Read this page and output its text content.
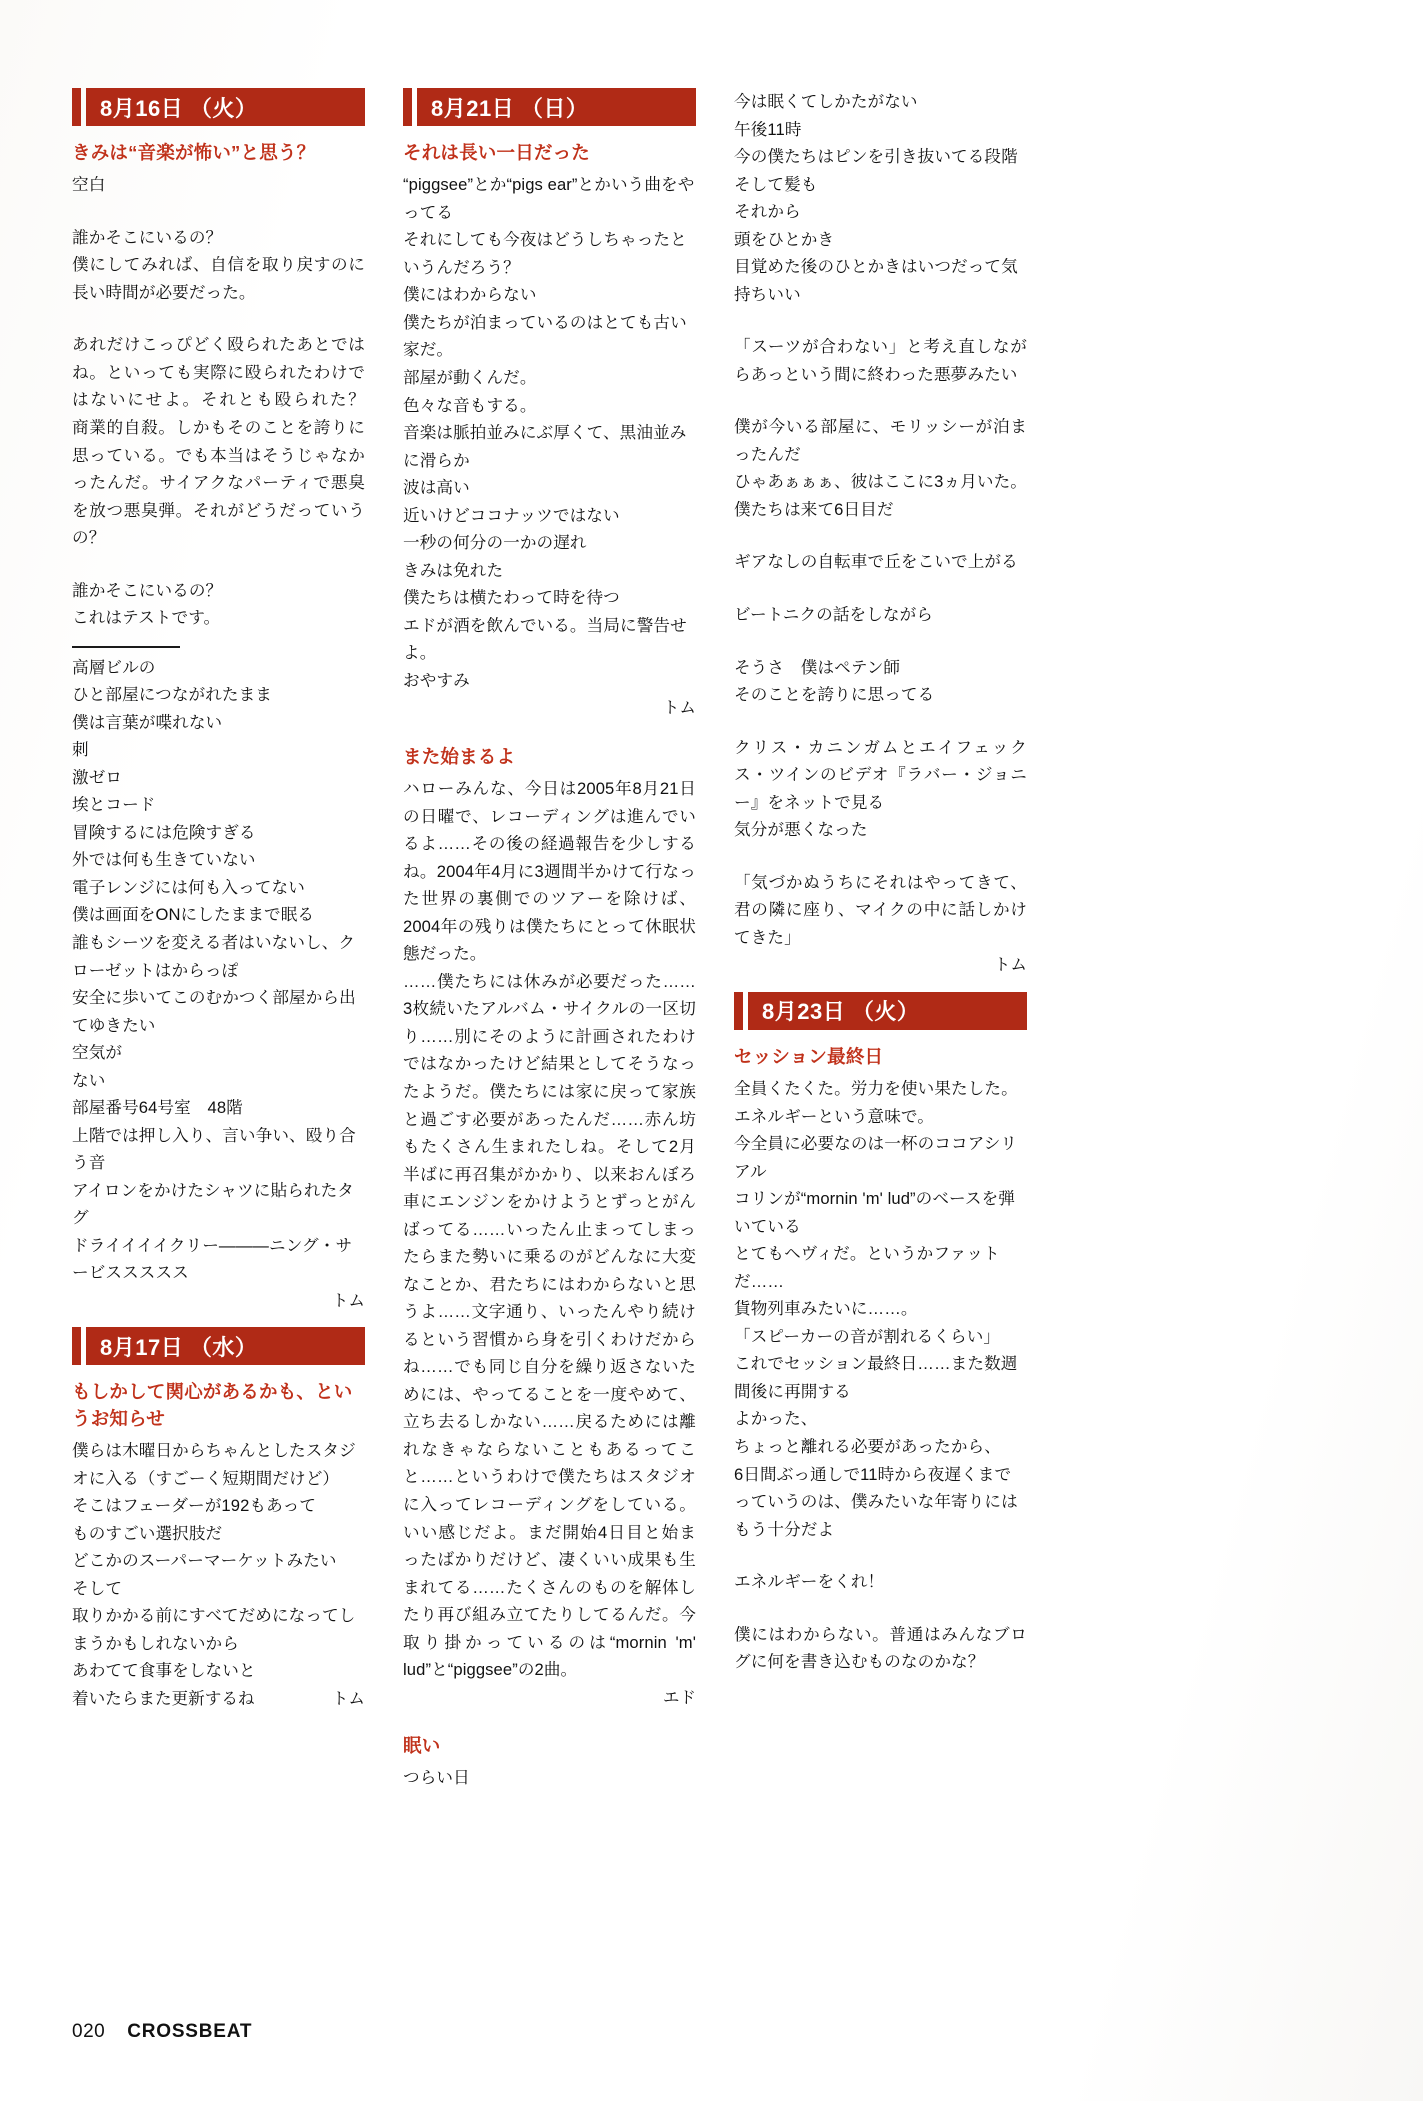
8月16日 （火）
きみは“音楽が怖い”と思う？

空白

誰かそこにいるの？
僕にしてみれば、自信を取り戻すのに長い時間が必要だった。

あれだけこっぴどく殴られたあとではね。といっても実際に殴られたわけではないにせよ。それとも殴られた？　商業的自殺。しかもそのことを誇りに思っている。でも本当はそうじゃなかったんだ。サイアクなパーティで悪臭を放つ悪臭弾。それがどうだっていうの？

誰かそこにいるの？
これはテストです。

高層ビルの
ひと部屋につながれたまま
僕は言葉が喋れない
刺
激ゼロ
埃とコード
冒険するには危険すぎる
外では何も生きていない
電子レンジには何も入ってない
僕は画面をONにしたままで眠る
誰もシーツを変える者はいないし、クローゼットはからっぽ
安全に歩いてこのむかつく部屋から出てゆきたい
空気が
ない
部屋番号64号室　48階
上階では押し入り、言い争い、殴り合う音
アイロンをかけたシャツに貼られたタグ
ドライイイイクリー―――ニング・サービススススス

トム

8月17日 （水）
もしかして関心があるかも、というお知らせ

僕らは木曜日からちゃんとしたスタジオに入る（すごーく短期間だけど）
そこはフェーダーが192もあって
ものすごい選択肢だ
どこかのスーパーマーケットみたい
そして
取りかかる前にすべてだめになってしまうかもしれないから
あわてて食事をしないと

着いたらまた更新するね	トム
8月21日 （日）
それは長い一日だった

“piggsee”とか“pigs ear”とかいう曲をやってる
それにしても今夜はどうしちゃったというんだろう？
僕にはわからない
僕たちが泊まっているのはとても古い家だ。
部屋が動くんだ。
色々な音もする。
音楽は脈拍並みにぶ厚くて、黒油並みに滑らか
波は高い
近いけどココナッツではない
一秒の何分の一かの遅れ
きみは免れた
僕たちは横たわって時を待つ
エドが酒を飲んでいる。当局に警告せよ。
おやすみ

トム

また始まるよ

ハローみんな、今日は2005年8月21日の日曜で、レコーディングは進んでいるよ……その後の経過報告を少しするね。2004年4月に3週間半かけて行なった世界の裏側でのツアーを除けば、2004年の残りは僕たちにとって休眠状態だった。

……僕たちには休みが必要だった……3枚続いたアルバム・サイクルの一区切り……別にそのように計画されたわけではなかったけど結果としてそうなったようだ。僕たちには家に戻って家族と過ごす必要があったんだ……赤ん坊もたくさん生まれたしね。そして2月半ばに再召集がかかり、以来おんぼろ車にエンジンをかけようとずっとがんばってる……いったん止まってしまったらまた勢いに乗るのがどんなに大変なことか、君たちにはわからないと思うよ……文字通り、いったんやり続けるという習慣から身を引くわけだからね……でも同じ自分を繰り返さないためには、やってることを一度やめて、立ち去るしかない……戻るためには離れなきゃならないこともあるってこと……というわけで僕たちはスタジオに入ってレコーディングをしている。いい感じだよ。まだ開始4日目と始まったばかりだけど、凄くいい成果も生まれてる……たくさんのものを解体したり再び組み立てたりしてるんだ。今取り掛かっているのは“mornin 'm' lud”と“piggsee”の2曲。

エド

眠い

つらい日

今は眠くてしかたがない
午後11時
今の僕たちはピンを引き抜いてる段階
そして髪も
それから
頭をひとかき
目覚めた後のひとかきはいつだって気持ちいい

「スーツが合わない」と考え直しながらあっという間に終わった悪夢みたい

僕が今いる部屋に、モリッシーが泊まったんだ
ひゃあぁぁぁ、彼はここに3ヵ月いた。僕たちは来て6日目だ

ギアなしの自転車で丘をこいで上がる

ビートニクの話をしながら

そうさ　僕はペテン師
そのことを誇りに思ってる

クリス・カニンガムとエイフェックス・ツインのビデオ『ラバー・ジョニー』をネットで見る
気分が悪くなった

「気づかぬうちにそれはやってきて、君の隣に座り、マイクの中に話しかけてきた」

トム

8月23日 （火）
セッション最終日

全員くたくた。労力を使い果たした。エネルギーという意味で。
今全員に必要なのは一杯のココアシリアル
コリンが“mornin 'm' lud”のベースを弾いている
とてもヘヴィだ。というかファットだ……
貨物列車みたいに……。
「スピーカーの音が割れるくらい」
これでセッション最終日……また数週間後に再開する
よかった、
ちょっと離れる必要があったから、
6日間ぶっ通しで11時から夜遅くまでっていうのは、僕みたいな年寄りにはもう十分だよ

エネルギーをくれ！

僕にはわからない。普通はみんなブログに何を書き込むものなのかな？

020 CROSSBEAT
